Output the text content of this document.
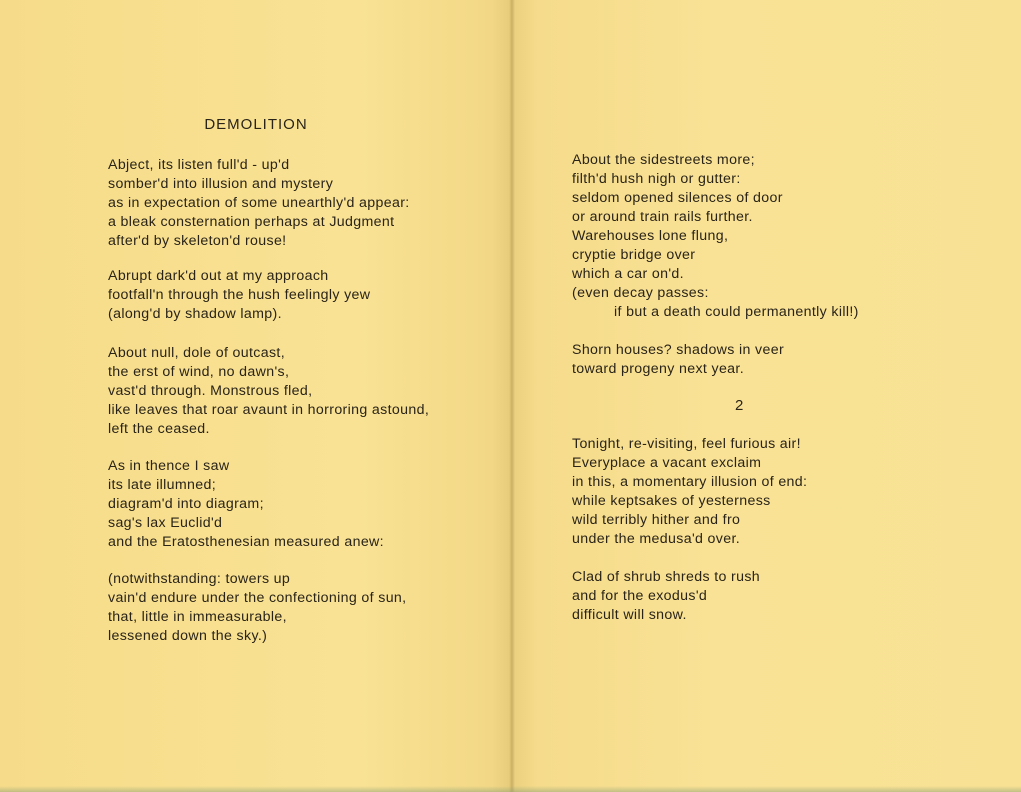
DEMOLITION
Abject, its listen full'd - up'd
somber'd into illusion and mystery
as in expectation of some unearthly'd appear:
a bleak consternation perhaps at Judgment
after'd by skeleton'd rouse!
Abrupt dark'd out at my approach
footfall'n through the hush feelingly yew
(along'd by shadow lamp).
About null, dole of outcast,
the erst of wind, no dawn's,
vast'd through. Monstrous fled,
like leaves that roar avaunt in horroring astound,
left the ceased.
As in thence I saw
its late illumned;
diagram'd into diagram;
sag's lax Euclid'd
and the Eratosthenesian measured anew:
(notwithstanding: towers up
vain'd endure under the confectioning of sun,
that, little in immeasurable,
lessened down the sky.)
About the sidestreets more;
filth'd hush nigh or gutter:
seldom opened silences of door
or around train rails further.
Warehouses lone flung,
cryptie bridge over
which a car on'd.
(even decay passes:
if but a death could permanently kill!)
Shorn houses? shadows in veer
toward progeny next year.
2
Tonight, re-visiting, feel furious air!
Everyplace a vacant exclaim
in this, a momentary illusion of end:
while keptsakes of yesterness
wild terribly hither and fro
under the medusa'd over.
Clad of shrub shreds to rush
and for the exodus'd
difficult will snow.
